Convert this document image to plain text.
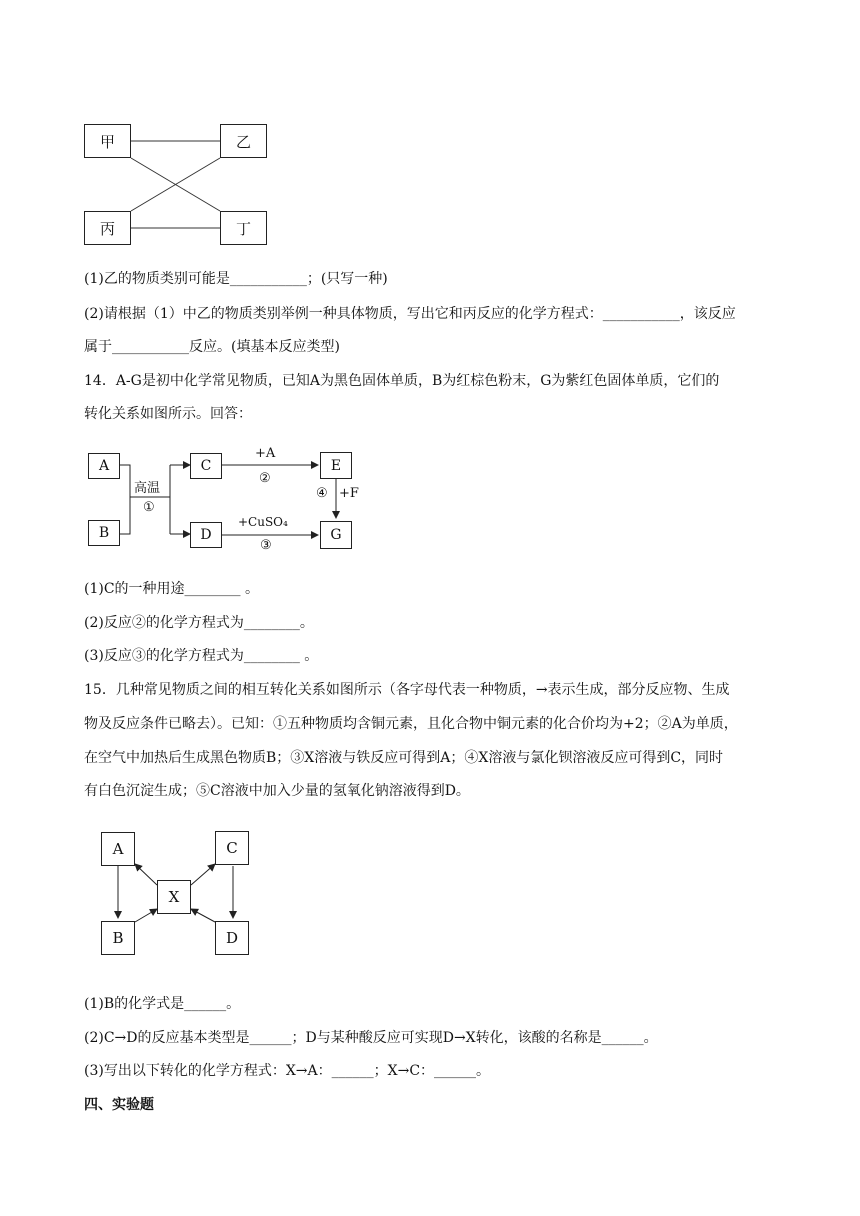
甲	乙
丙	丁
(1)乙的物质类别可能是___________；(只写一种)
(2)请根据（1）中乙的物质类别举例一种具体物质，写出它和丙反应的化学方程式：___________，该反应
属于___________反应。(填基本反应类型)
14．A-G是初中化学常见物质，已知A为黑色固体单质，B为红棕色粉末，G为紫红色固体单质，它们的
转化关系如图所示。回答：
A
B
C
D
E
G
高温
①
+A
②
+CuSO₄
③
④ +F
(1)C的一种用途________ 。
(2)反应②的化学方程式为________。
(3)反应③的化学方程式为________ 。
15．几种常见物质之间的相互转化关系如图所示（各字母代表一种物质，→表示生成，部分反应物、生成
物及反应条件已略去）。已知：①五种物质均含铜元素，且化合物中铜元素的化合价均为+2；②A为单质，
在空气中加热后生成黑色物质B；③X溶液与铁反应可得到A；④X溶液与氯化钡溶液反应可得到C，同时
有白色沉淀生成；⑤C溶液中加入少量的氢氧化钠溶液得到D。
A	C
X
B	D
(1)B的化学式是______。
(2)C→D的反应基本类型是______；D与某种酸反应可实现D→X转化，该酸的名称是______。
(3)写出以下转化的化学方程式：X→A：______；X→C：______。
四、实验题
